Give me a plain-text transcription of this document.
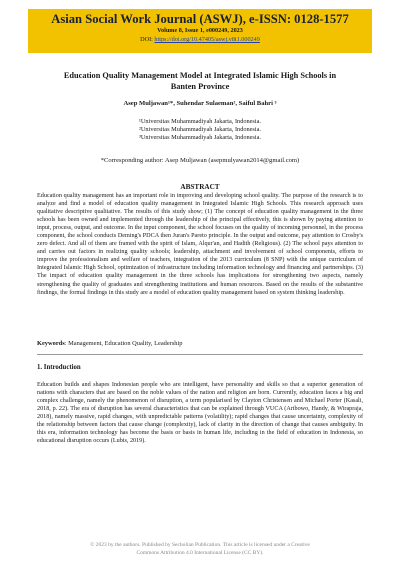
Asian Social Work Journal (ASWJ), e-ISSN: 0128-1577
Volume 8, Issue 1, e000249, 2023
DOI: https://doi.org/10.47405/aswj.v8i1.000249
Education Quality Management Model at Integrated Islamic High Schools in
Banten Province
Asep Muljawan¹*, Suhendar Sulaeman², Saiful Bahri ³
¹Universitas Muhammadiyah Jakarta, Indonesia.
²Universitas Muhammadiyah Jakarta, Indonesia.
³Universitas Muhammadiyah Jakarta, Indonesia.
*Corresponding author: Asep Muljawan (asepmulyawan2014@gmail.com)
ABSTRACT
Education quality management has an important role in improving and developing school quality. The purpose of the research is to analyze and find a model of education quality management in Integrated Islamic High Schools. This research approach uses qualitative descriptive qualitative. The results of this study show; (1) The concept of education quality management in the three schools has been owned and implemented through the leadership of the principal effectively, this is shown by paying attention to input, process, output, and outcome. In the input component, the school focuses on the quality of incoming personnel, in the process component, the school conducts Deming's PDCA then Juran's Pareto principle. In the output and outcome, pay attention to Crosby's zero defect. And all of them are framed with the spirit of Islam, Alqur'an, and Hadith (Religious). (2) The school pays attention to and carries out factors in realizing quality schools; leadership, attachment and involvement of school components, efforts to improve the professionalism and welfare of teachers, integration of the 2013 curriculum (8 SNP) with the unique curriculum of Integrated Islamic High School, optimization of infrastructure including information technology and financing and partnerships. (3) The impact of education quality management in the three schools has implications for strengthening two aspects, namely strengthening the quality of graduates and strengthening institutions and human resources. Based on the results of the substantive findings, the formal findings in this study are a model of education quality management based on system thinking leadership.
Keywords: Management, Education Quality, Leadership
1. Introduction
Education builds and shapes Indonesian people who are intelligent, have personality and skills so that a superior generation of nations with characters that are based on the noble values of the nation and religion are born. Currently, education faces a big and complex challenge, namely the phenomenon of disruption, a term popularised by Clayton Christensen and Michael Porter (Kasali, 2018, p. 22). The era of disruption has several characteristics that can be explained through VUCA (Aribowo, Handy, & Wirapraja, 2018), namely massive, rapid changes, with unpredictable patterns (volatility); rapid changes that cause uncertainty, complexity of the relationship between factors that cause change (complexity), lack of clarity in the direction of change that causes ambiguity. In this era, information technology has become the basis or basis in human life, including in the field of education in Indonesia, so educational disruption occurs (Lubis, 2019).
© 2023 by the authors. Published by Secholian Publication. This article is licensed under a Creative
Commons Attribution 4.0 International License (CC BY).
